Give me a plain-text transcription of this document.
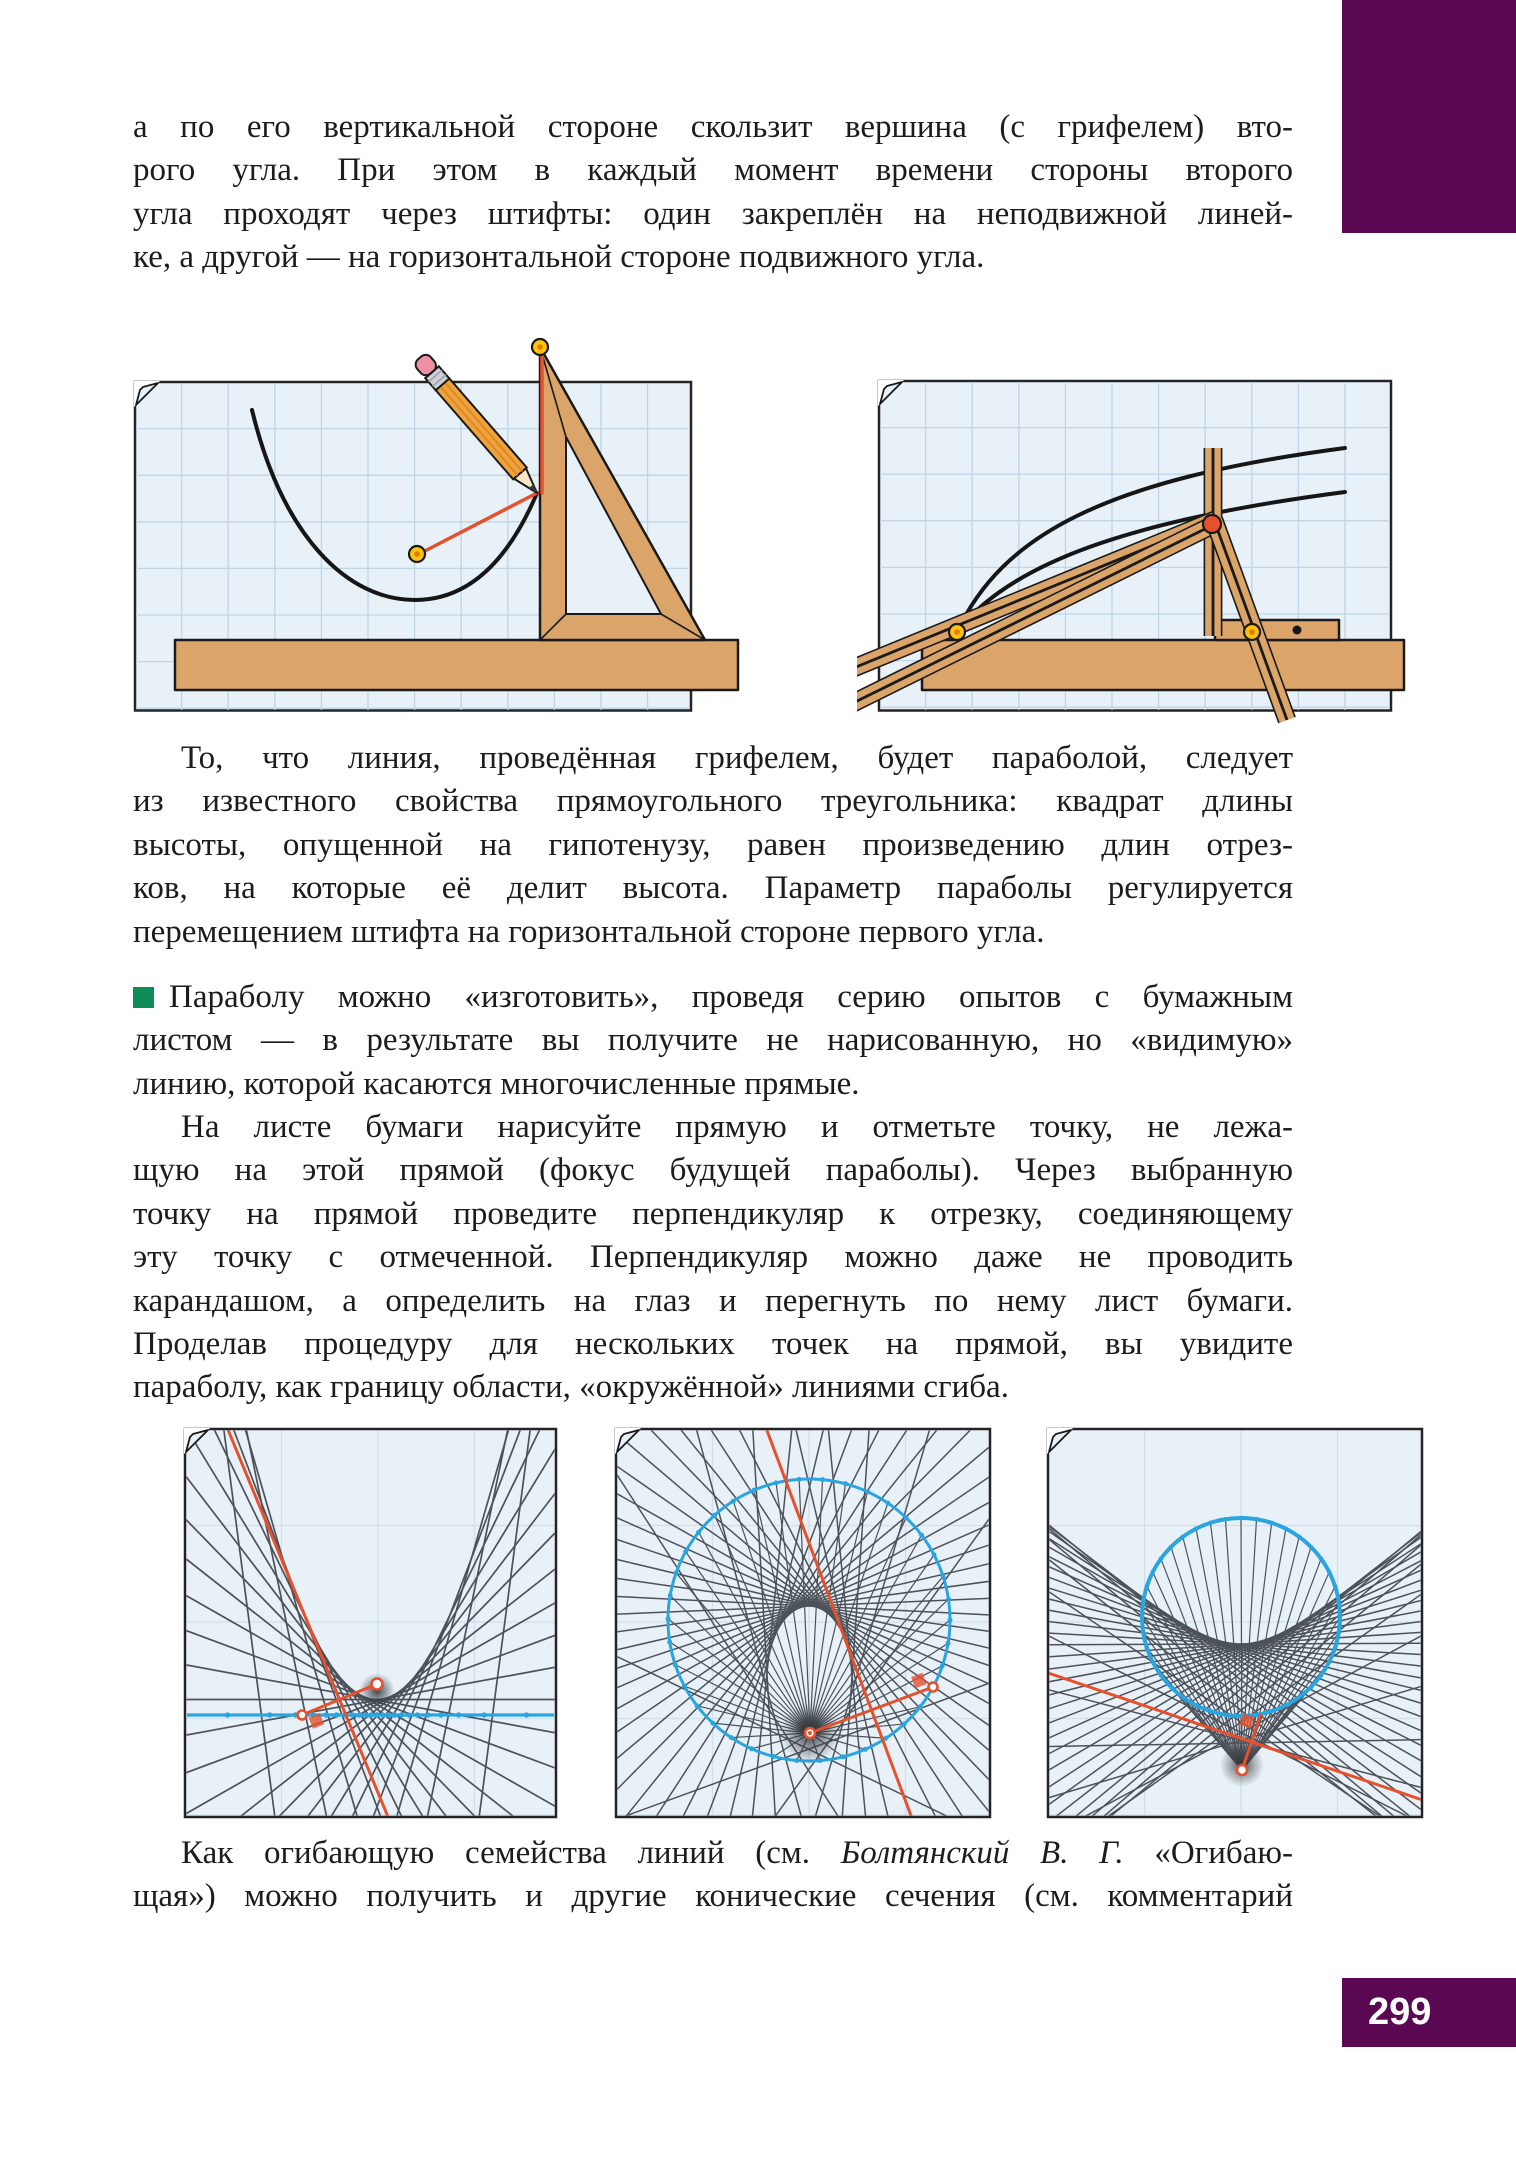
а по его вертикальной стороне скользит вершина (с грифелем) вто-
рого угла. При этом в каждый момент времени стороны второго
угла проходят через штифты: один закреплён на неподвижной линей-
ке, а другой — на горизонтальной стороне подвижного угла.
То, что линия, проведённая грифелем, будет параболой, следует
из известного свойства прямоугольного треугольника: квадрат длины
высоты, опущенной на гипотенузу, равен произведению длин отрез-
ков, на которые её делит высота. Параметр параболы регулируется
перемещением штифта на горизонтальной стороне первого угла.
Параболу можно «изготовить», проведя серию опытов с бумажным
листом — в результате вы получите не нарисованную, но «видимую»
линию, которой касаются многочисленные прямые.
На листе бумаги нарисуйте прямую и отметьте точку, не лежа-
щую на этой прямой (фокус будущей параболы). Через выбранную
точку на прямой проведите перпендикуляр к отрезку, соединяющему
эту точку с отмеченной. Перпендикуляр можно даже не проводить
карандашом, а определить на глаз и перегнуть по нему лист бумаги.
Проделав процедуру для нескольких точек на прямой, вы увидите
параболу, как границу области, «окружённой» линиями сгиба.
Как огибающую семейства линий (см. Болтянский В. Г. «Огибаю-
щая») можно получить и другие конические сечения (см. комментарий
299
